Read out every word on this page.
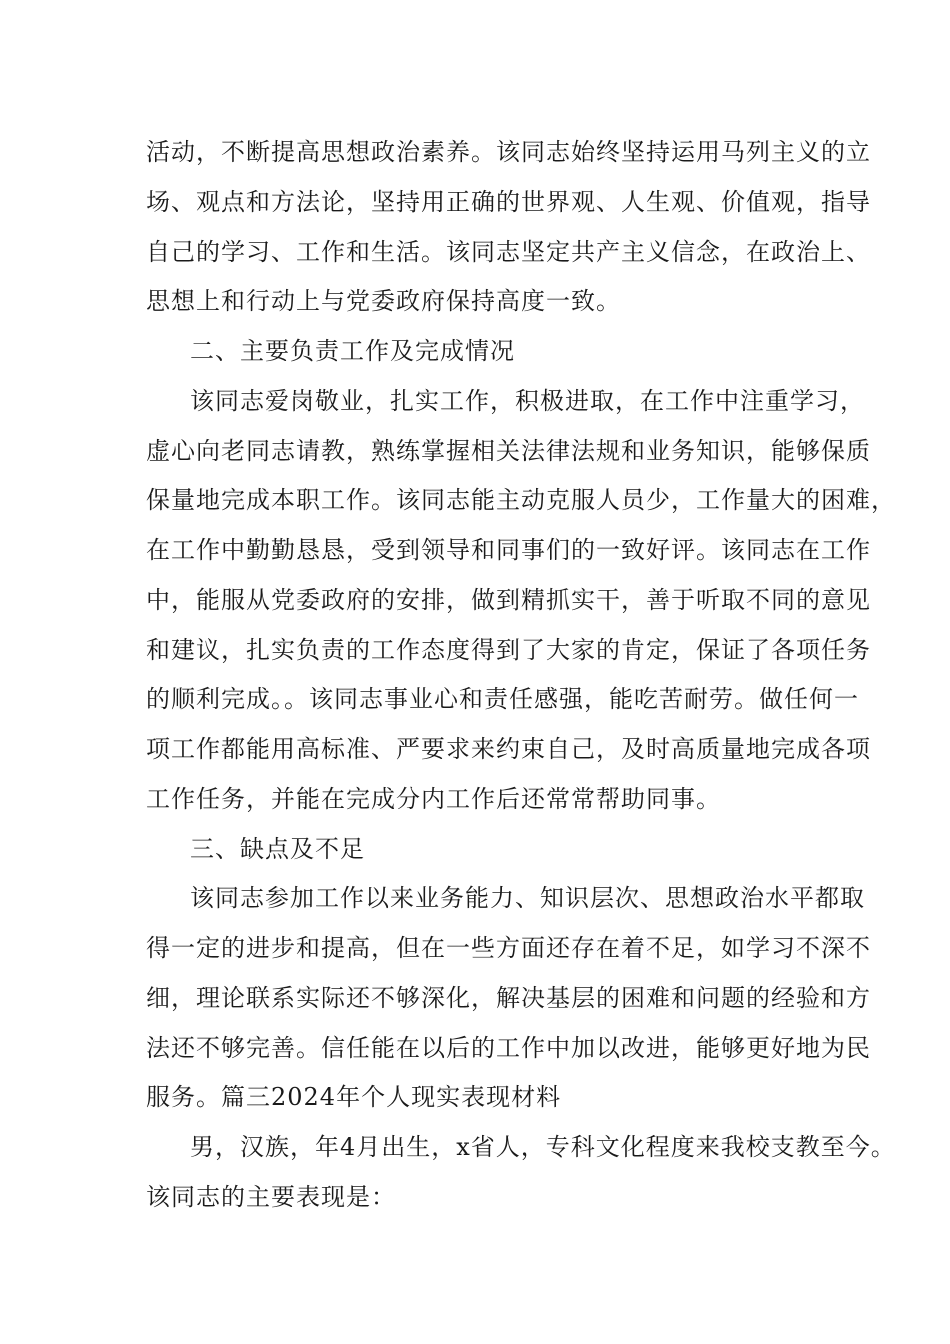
活动，不断提高思想政治素养。该同志始终坚持运用马列主义的立
场、观点和方法论，坚持用正确的世界观、人生观、价值观，指导
自己的学习、工作和生活。该同志坚定共产主义信念，在政治上、
思想上和行动上与党委政府保持高度一致。
二、主要负责工作及完成情况
该同志爱岗敬业，扎实工作，积极进取，在工作中注重学习，
虚心向老同志请教，熟练掌握相关法律法规和业务知识，能够保质
保量地完成本职工作。该同志能主动克服人员少，工作量大的困难，
在工作中勤勤恳恳，受到领导和同事们的一致好评。该同志在工作
中，能服从党委政府的安排，做到精抓实干，善于听取不同的意见
和建议，扎实负责的工作态度得到了大家的肯定，保证了各项任务
的顺利完成。。该同志事业心和责任感强，能吃苦耐劳。做任何一
项工作都能用高标准、严要求来约束自己，及时高质量地完成各项
工作任务，并能在完成分内工作后还常常帮助同事。
三、缺点及不足
该同志参加工作以来业务能力、知识层次、思想政治水平都取
得一定的进步和提高，但在一些方面还存在着不足，如学习不深不
细，理论联系实际还不够深化，解决基层的困难和问题的经验和方
法还不够完善。信任能在以后的工作中加以改进，能够更好地为民
服务。篇三2024年个人现实表现材料
男，汉族，年4月出生，x省人，专科文化程度来我校支教至今。
该同志的主要表现是：
